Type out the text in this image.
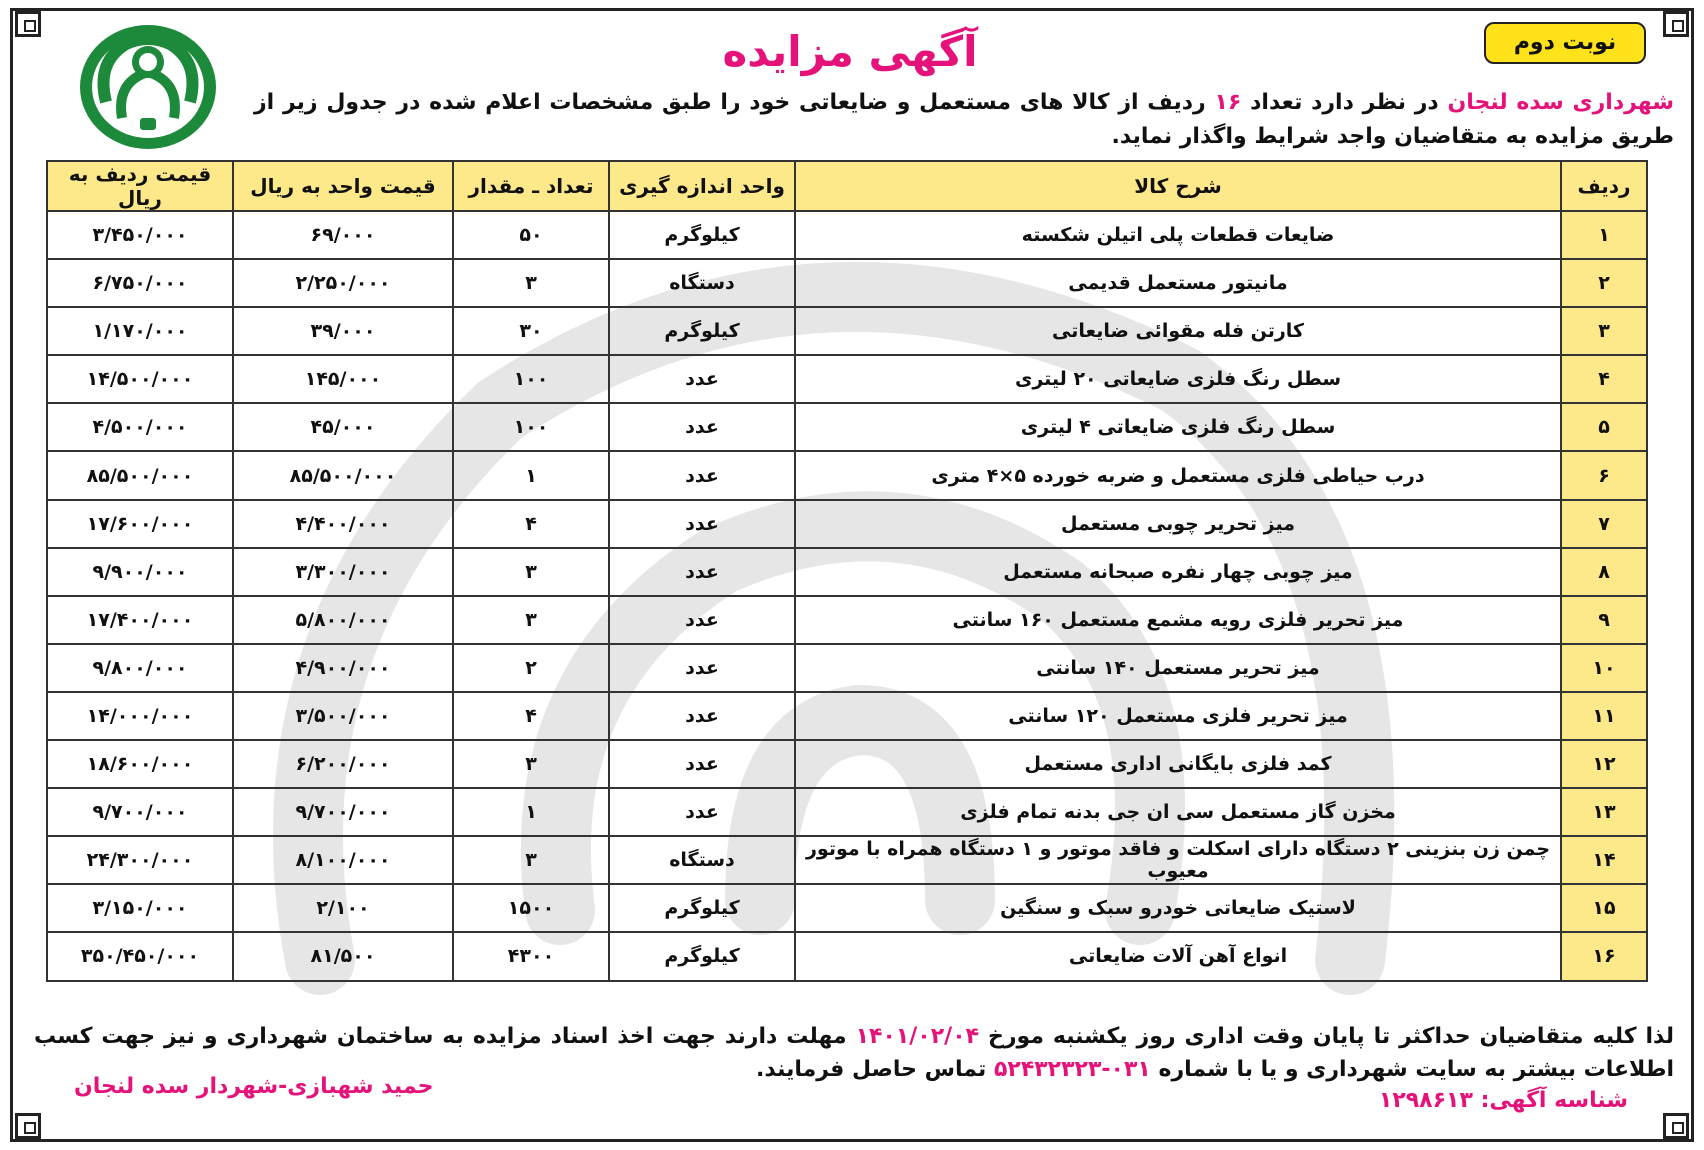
نوبت دوم
آگهی مزایده

شهرداری سده لنجان در نظر دارد تعداد ۱۶ ردیف از کالا های مستعمل و ضایعاتی خود را طبق مشخصات اعلام شده در جدول زیر از طریق مزایده به متقاضیان واجد شرایط واگذار نماید.

ردیف	شرح کالا	واحد اندازه گیری	تعداد ـ مقدار	قیمت واحد به ریال	قیمت ردیف به ریال
۱	ضایعات قطعات پلی اتیلن شکسته	کیلوگرم	۵۰	۶۹/۰۰۰	۳/۴۵۰/۰۰۰
۲	مانیتور مستعمل قدیمی	دستگاه	۳	۲/۲۵۰/۰۰۰	۶/۷۵۰/۰۰۰
۳	کارتن فله مقوائی ضایعاتی	کیلوگرم	۳۰	۳۹/۰۰۰	۱/۱۷۰/۰۰۰
۴	سطل رنگ فلزی ضایعاتی ۲۰ لیتری	عدد	۱۰۰	۱۴۵/۰۰۰	۱۴/۵۰۰/۰۰۰
۵	سطل رنگ فلزی ضایعاتی ۴ لیتری	عدد	۱۰۰	۴۵/۰۰۰	۴/۵۰۰/۰۰۰
۶	درب حیاطی فلزی مستعمل و ضربه خورده ۵×۴ متری	عدد	۱	۸۵/۵۰۰/۰۰۰	۸۵/۵۰۰/۰۰۰
۷	میز تحریر چوبی مستعمل	عدد	۴	۴/۴۰۰/۰۰۰	۱۷/۶۰۰/۰۰۰
۸	میز چوبی چهار نفره صبحانه مستعمل	عدد	۳	۳/۳۰۰/۰۰۰	۹/۹۰۰/۰۰۰
۹	میز تحریر فلزی رویه مشمع مستعمل ۱۶۰ سانتی	عدد	۳	۵/۸۰۰/۰۰۰	۱۷/۴۰۰/۰۰۰
۱۰	میز تحریر مستعمل ۱۴۰ سانتی	عدد	۲	۴/۹۰۰/۰۰۰	۹/۸۰۰/۰۰۰
۱۱	میز تحریر فلزی مستعمل ۱۲۰ سانتی	عدد	۴	۳/۵۰۰/۰۰۰	۱۴/۰۰۰/۰۰۰
۱۲	کمد فلزی بایگانی اداری مستعمل	عدد	۳	۶/۲۰۰/۰۰۰	۱۸/۶۰۰/۰۰۰
۱۳	مخزن گاز مستعمل سی ان جی بدنه تمام فلزی	عدد	۱	۹/۷۰۰/۰۰۰	۹/۷۰۰/۰۰۰
۱۴	چمن زن بنزینی ۲ دستگاه دارای اسکلت و فاقد موتور و ۱ دستگاه همراه با موتور معیوب	دستگاه	۳	۸/۱۰۰/۰۰۰	۲۴/۳۰۰/۰۰۰
۱۵	لاستیک ضایعاتی خودرو سبک و سنگین	کیلوگرم	۱۵۰۰	۲/۱۰۰	۳/۱۵۰/۰۰۰
۱۶	انواع آهن آلات ضایعاتی	کیلوگرم	۴۳۰۰	۸۱/۵۰۰	۳۵۰/۴۵۰/۰۰۰

لذا کلیه متقاضیان حداکثر تا پایان وقت اداری روز یکشنبه مورخ ۱۴۰۱/۰۲/۰۴ مهلت دارند جهت اخذ اسناد مزایده به ساختمان شهرداری و نیز جهت کسب اطلاعات بیشتر به سایت شهرداری و یا با شماره ۰۳۱-۵۲۴۳۲۳۲۳ تماس حاصل فرمایند.

شناسه آگهی: ۱۲۹۸۶۱۳
حمید شهبازی-شهردار سده لنجان
